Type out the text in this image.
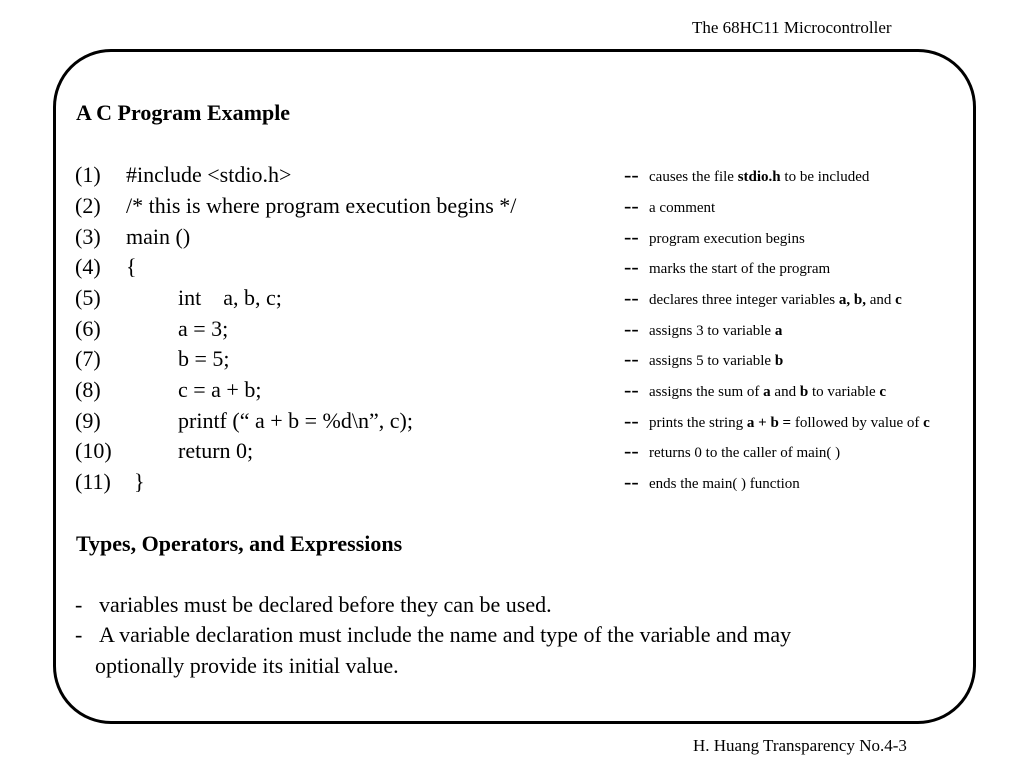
The 68HC11 Microcontroller
A C Program Example
(1) #include <stdio.h>	-- causes the file stdio.h to be included
(2) /* this is where program execution begins */	-- a comment
(3) main ()	-- program execution begins
(4) {	-- marks the start of the program
(5)	int    a, b, c;	-- declares three integer variables a, b, and c
(6)	a = 3;	-- assigns 3 to variable a
(7)	b = 5;	-- assigns 5 to variable b
(8)	c = a + b;	-- assigns the sum of a and b to variable c
(9)	printf (“ a + b = %d\n”, c);	-- prints the string a + b = followed by value of c
(10)	return 0;	-- returns 0 to the caller of main( )
(11) }	-- ends the main( ) function
Types, Operators, and Expressions
- variables must be declared before they can be used.
- A variable declaration must include the name and type of the variable and may
optionally provide its initial value.
H. Huang Transparency No.4-3
